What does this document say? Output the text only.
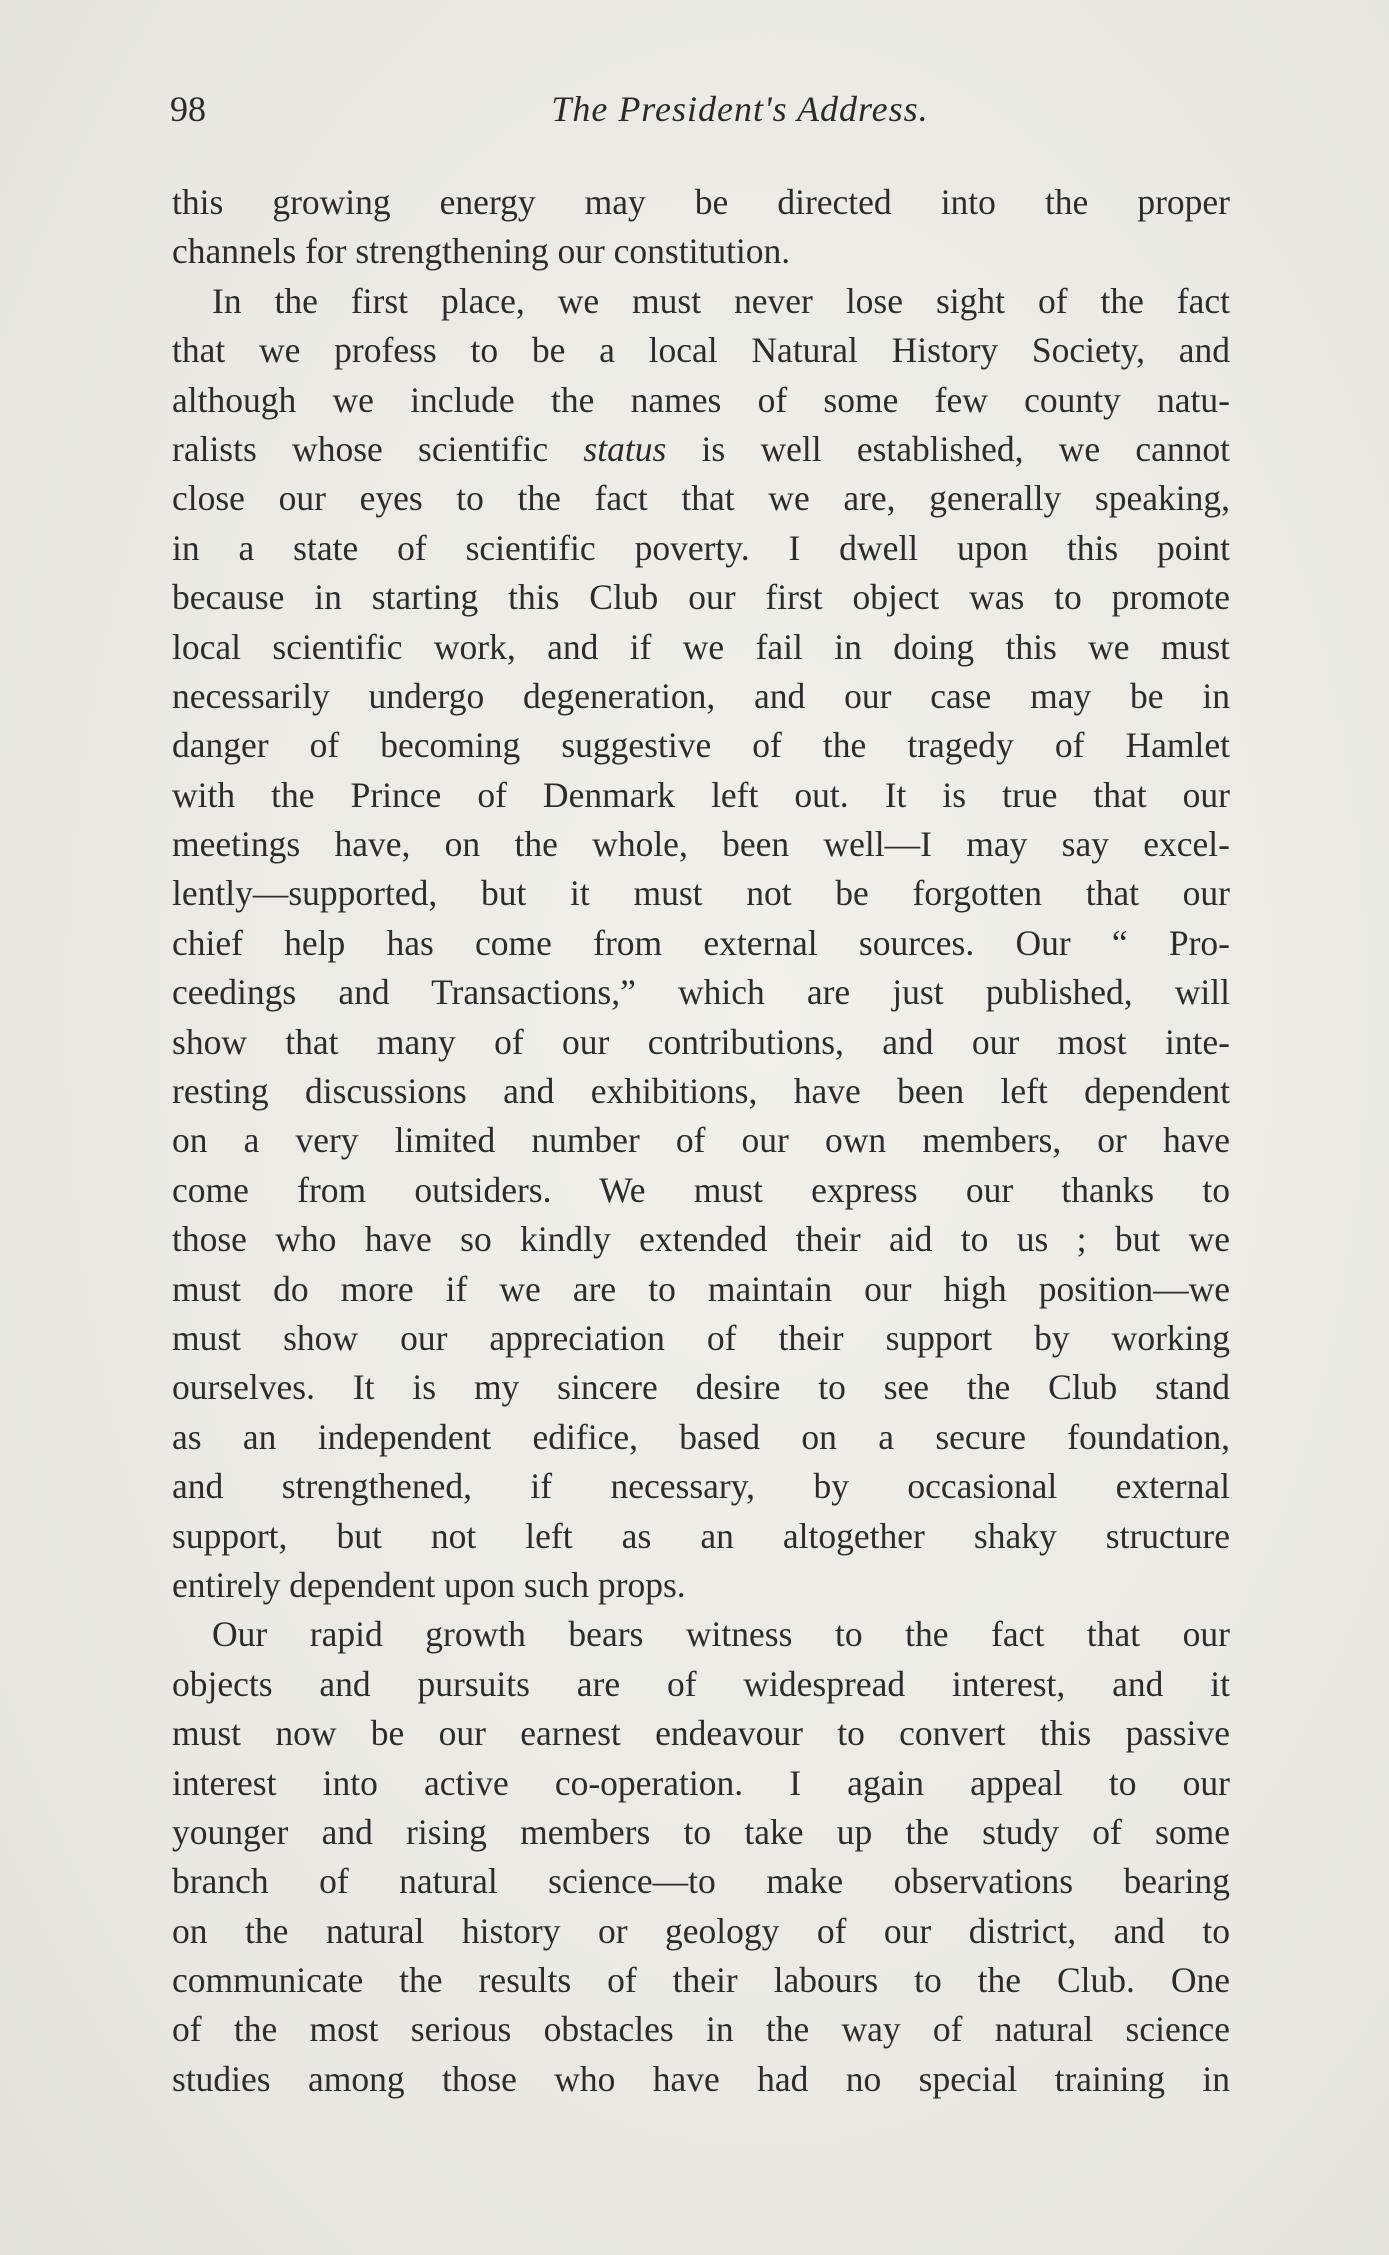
98	The President's Address.
this growing energy may be directed into the proper
channels for strengthening our constitution.
In the first place, we must never lose sight of the fact
that we profess to be a local Natural History Society, and
although we include the names of some few county natu-
ralists whose scientific status is well established, we cannot
close our eyes to the fact that we are, generally speaking,
in a state of scientific poverty. I dwell upon this point
because in starting this Club our first object was to promote
local scientific work, and if we fail in doing this we must
necessarily undergo degeneration, and our case may be in
danger of becoming suggestive of the tragedy of Hamlet
with the Prince of Denmark left out. It is true that our
meetings have, on the whole, been well—I may say excel-
lently—supported, but it must not be forgotten that our
chief help has come from external sources. Our “ Pro-
ceedings and Transactions,” which are just published, will
show that many of our contributions, and our most inte-
resting discussions and exhibitions, have been left dependent
on a very limited number of our own members, or have
come from outsiders. We must express our thanks to
those who have so kindly extended their aid to us ; but we
must do more if we are to maintain our high position—we
must show our appreciation of their support by working
ourselves. It is my sincere desire to see the Club stand
as an independent edifice, based on a secure foundation,
and strengthened, if necessary, by occasional external
support, but not left as an altogether shaky structure
entirely dependent upon such props.
Our rapid growth bears witness to the fact that our
objects and pursuits are of widespread interest, and it
must now be our earnest endeavour to convert this passive
interest into active co-operation. I again appeal to our
younger and rising members to take up the study of some
branch of natural science—to make observations bearing
on the natural history or geology of our district, and to
communicate the results of their labours to the Club. One
of the most serious obstacles in the way of natural science
studies among those who have had no special training in
